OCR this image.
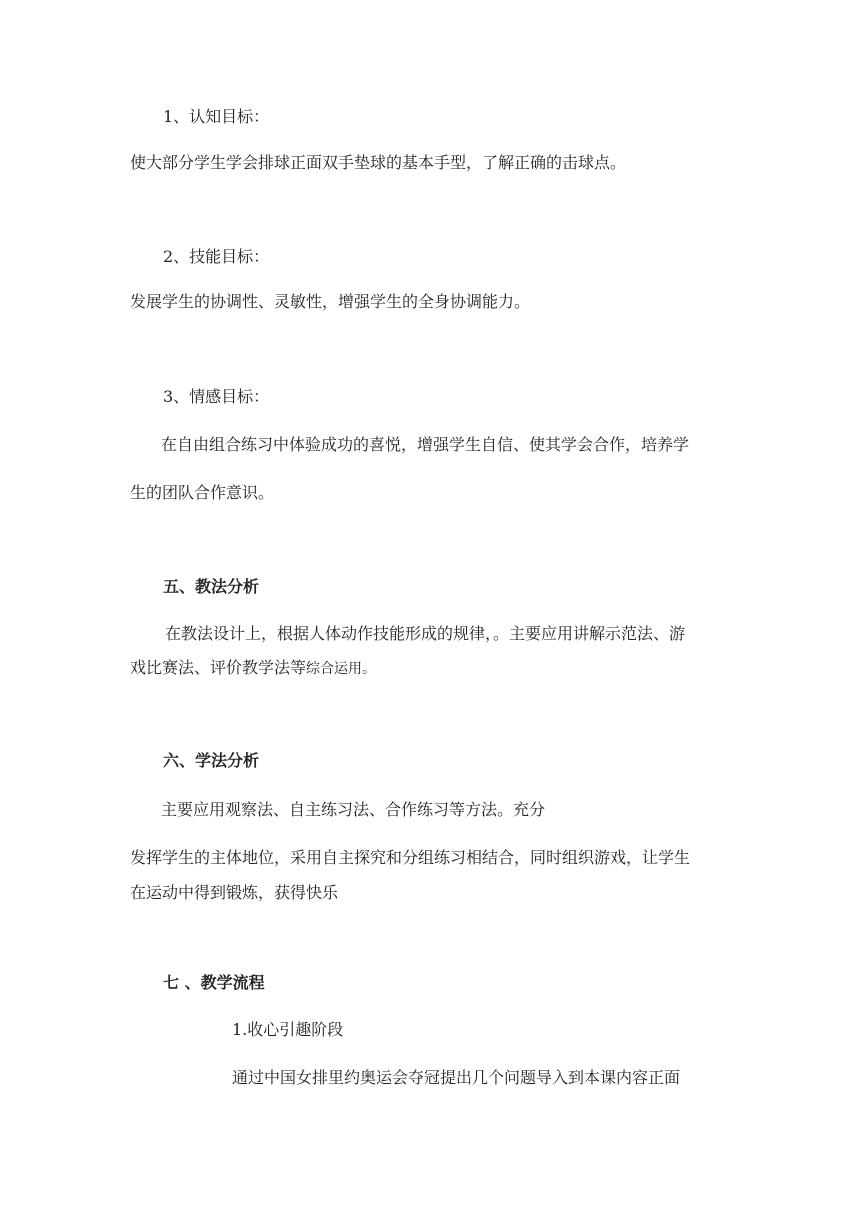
1、认知目标：
使大部分学生学会排球正面双手垫球的基本手型，了解正确的击球点。
2、技能目标：
发展学生的协调性、灵敏性，增强学生的全身协调能力。
3、情感目标：
在自由组合练习中体验成功的喜悦，增强学生自信、使其学会合作，培养学
生的团队合作意识。
五、教法分析
在教法设计上，根据人体动作技能形成的规律，。主要应用讲解示范法、游
戏比赛法、评价教学法等综合运用。
六、学法分析
主要应用观察法、自主练习法、合作练习等方法。充分
发挥学生的主体地位，采用自主探究和分组练习相结合，同时组织游戏，让学生
在运动中得到锻炼，获得快乐
七 、教学流程
1.收心引趣阶段
通过中国女排里约奥运会夺冠提出几个问题导入到本课内容正面
